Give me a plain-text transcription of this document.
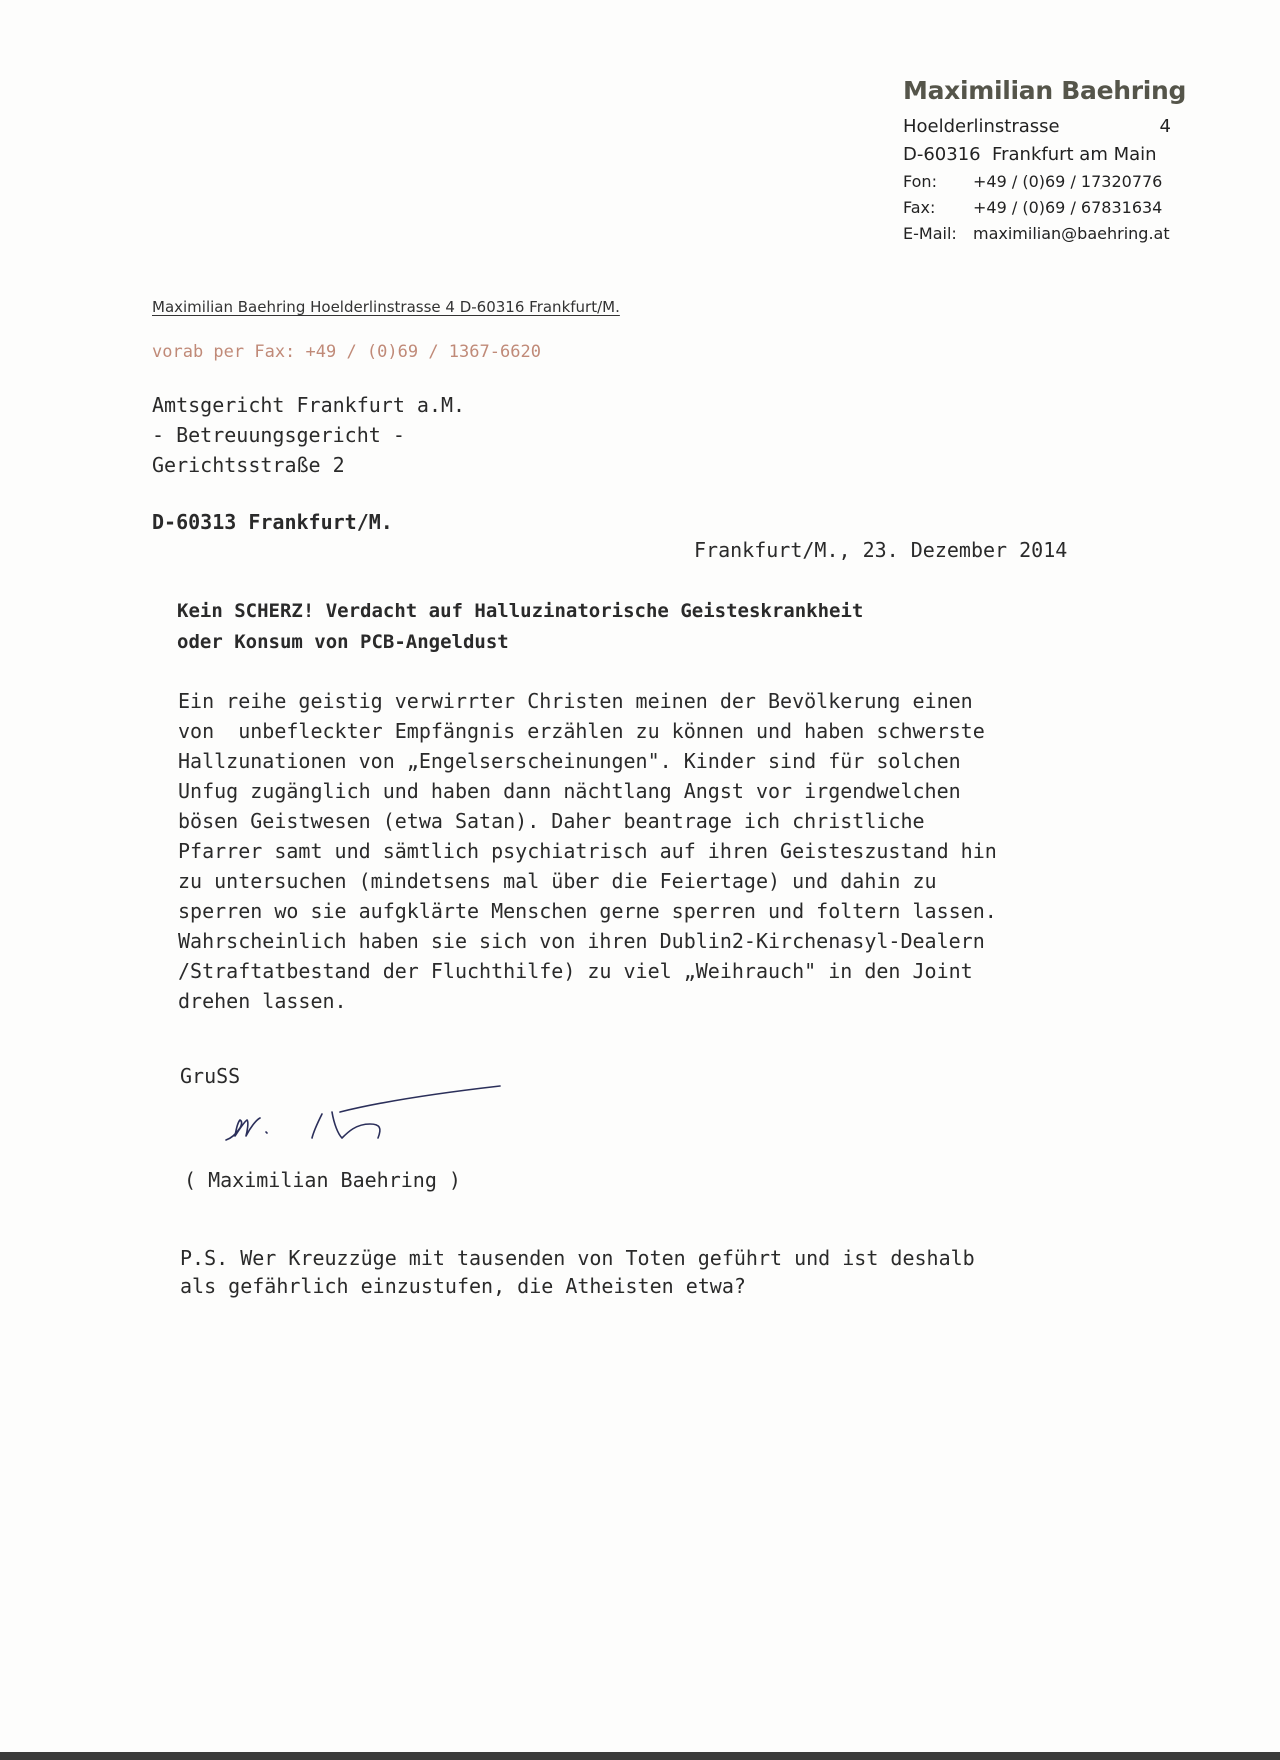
Maximilian Baehring
Hoelderlinstrasse	4
D-60316  Frankfurt am Main
Fon:	+49 / (0)69 / 17320776
Fax:	+49 / (0)69 / 67831634
E-Mail:	maximilian@baehring.at
Maximilian Baehring Hoelderlinstrasse 4 D-60316 Frankfurt/M.
vorab per Fax: +49 / (0)69 / 1367-6620
Amtsgericht Frankfurt a.M.
- Betreuungsgericht -
Gerichtsstraße 2
D-60313 Frankfurt/M.
Frankfurt/M., 23. Dezember 2014
Kein SCHERZ! Verdacht auf Halluzinatorische Geisteskrankheit
oder Konsum von PCB-Angeldust
Ein reihe geistig verwirrter Christen meinen der Bevölkerung einen
von  unbefleckter Empfängnis erzählen zu können und haben schwerste
Hallzunationen von „Engelserscheinungen". Kinder sind für solchen
Unfug zugänglich und haben dann nächtlang Angst vor irgendwelchen
bösen Geistwesen (etwa Satan). Daher beantrage ich christliche
Pfarrer samt und sämtlich psychiatrisch auf ihren Geisteszustand hin
zu untersuchen (mindetsens mal über die Feiertage) und dahin zu
sperren wo sie aufgklärte Menschen gerne sperren und foltern lassen.
Wahrscheinlich haben sie sich von ihren Dublin2-Kirchenasyl-Dealern
/Straftatbestand der Fluchthilfe) zu viel „Weihrauch" in den Joint
drehen lassen.
GruSS
( Maximilian Baehring )
P.S. Wer Kreuzzüge mit tausenden von Toten geführt und ist deshalb
als gefährlich einzustufen, die Atheisten etwa?
